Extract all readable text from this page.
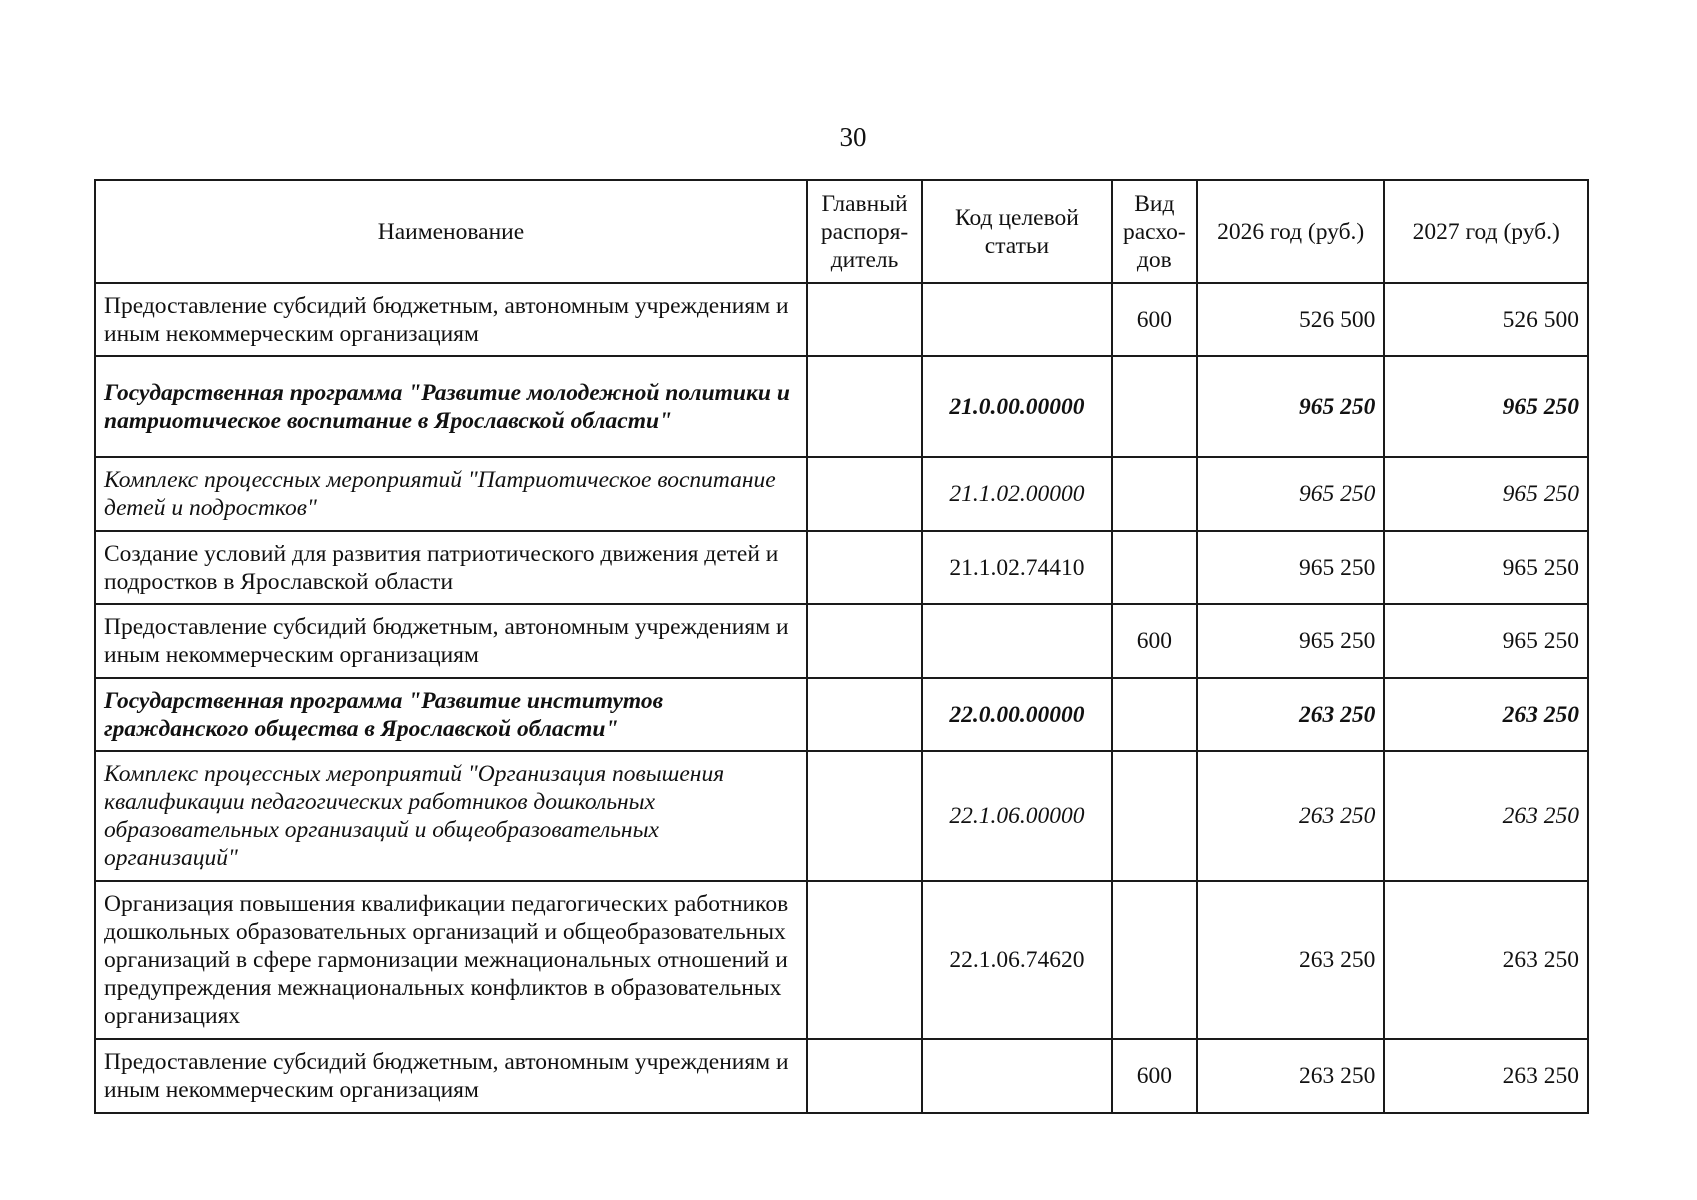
30
Наименование	Главный распоря-дитель	Код целевой статьи	Вид расхо-дов	2026 год (руб.)	2027 год (руб.)
Предоставление субсидий бюджетным, автономным учреждениям и иным некоммерческим организациям			600	526 500	526 500
Государственная программа "Развитие молодежной политики и патриотическое воспитание в Ярославской области"		21.0.00.00000		965 250	965 250
Комплекс процессных мероприятий "Патриотическое воспитание детей и подростков"		21.1.02.00000		965 250	965 250
Создание условий для развития патриотического движения детей и подростков в Ярославской области		21.1.02.74410		965 250	965 250
Предоставление субсидий бюджетным, автономным учреждениям и иным некоммерческим организациям			600	965 250	965 250
Государственная программа "Развитие институтов гражданского общества в Ярославской области"		22.0.00.00000		263 250	263 250
Комплекс процессных мероприятий "Организация повышения квалификации педагогических работников дошкольных образовательных организаций и общеобразовательных организаций"		22.1.06.00000		263 250	263 250
Организация повышения квалификации педагогических работников дошкольных образовательных организаций и общеобразовательных организаций в сфере гармонизации межнациональных отношений и предупреждения межнациональных конфликтов в образовательных организациях		22.1.06.74620		263 250	263 250
Предоставление субсидий бюджетным, автономным учреждениям и иным некоммерческим организациям			600	263 250	263 250
